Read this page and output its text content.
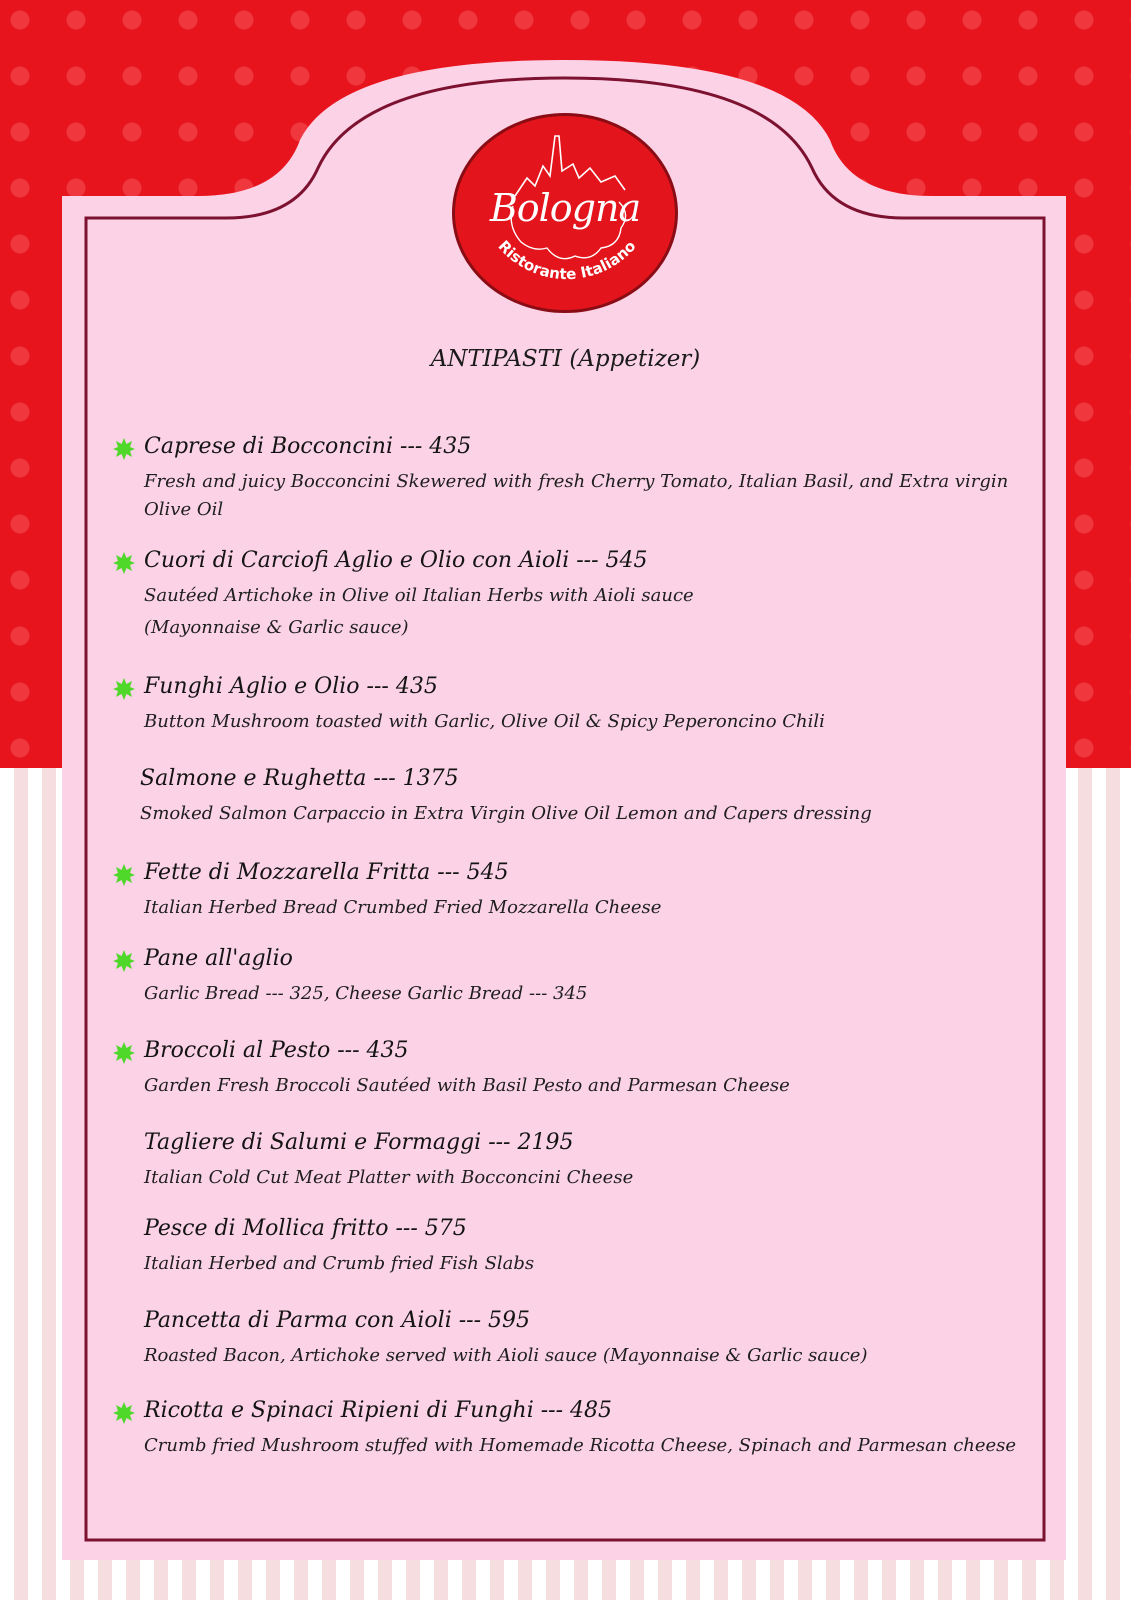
Ristorante Italiano
Bologna
ANTIPASTI (Appetizer)
Caprese di Bocconcini --- 435
Fresh and juicy Bocconcini Skewered with fresh Cherry Tomato, Italian Basil, and Extra virgin Olive Oil
Cuori di Carciofi Aglio e Olio con Aioli --- 545
Sautéed Artichoke in Olive oil Italian Herbs with Aioli sauce
(Mayonnaise & Garlic sauce)
Funghi Aglio e Olio --- 435
Button Mushroom toasted with Garlic, Olive Oil & Spicy Peperoncino Chili
Salmone e Rughetta --- 1375
Smoked Salmon Carpaccio in Extra Virgin Olive Oil Lemon and Capers dressing
Fette di Mozzarella Fritta --- 545
Italian Herbed Bread Crumbed Fried Mozzarella Cheese
Pane all'aglio
Garlic Bread --- 325, Cheese Garlic Bread --- 345
Broccoli al Pesto --- 435
Garden Fresh Broccoli Sautéed with Basil Pesto and Parmesan Cheese
Tagliere di Salumi e Formaggi --- 2195
Italian Cold Cut Meat Platter with Bocconcini Cheese
Pesce di Mollica fritto --- 575
Italian Herbed and Crumb fried Fish Slabs
Pancetta di Parma con Aioli --- 595
Roasted Bacon, Artichoke served with Aioli sauce (Mayonnaise & Garlic sauce)
Ricotta e Spinaci Ripieni di Funghi --- 485
Crumb fried Mushroom stuffed with Homemade Ricotta Cheese, Spinach and Parmesan cheese
